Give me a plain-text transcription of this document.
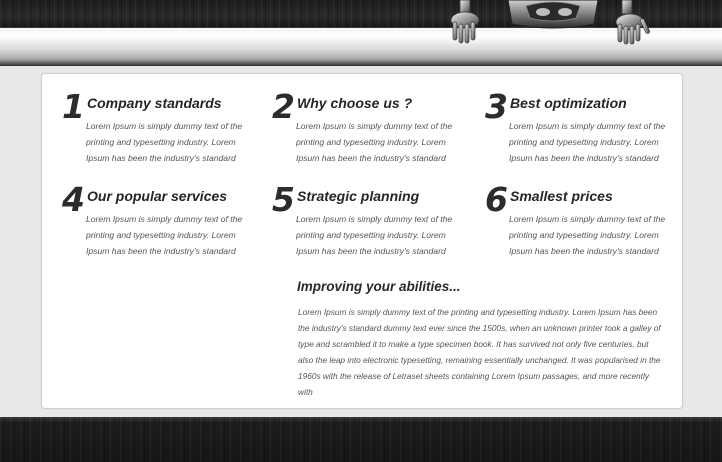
1 Company standards

Lorem Ipsum is simply dummy text of the printing and typesetting industry. Lorem Ipsum has been the industry's standard

2 Why choose us ?

Lorem Ipsum is simply dummy text of the printing and typesetting industry. Lorem Ipsum has been the industry's standard

3 Best optimization

Lorem Ipsum is simply dummy text of the printing and typesetting industry. Lorem Ipsum has been the industry's standard

4 Our popular services

Lorem Ipsum is simply dummy text of the printing and typesetting industry. Lorem Ipsum has been the industry's standard

5 Strategic planning

Lorem Ipsum is simply dummy text of the printing and typesetting industry. Lorem Ipsum has been the industry's standard

6 Smallest prices

Lorem Ipsum is simply dummy text of the printing and typesetting industry. Lorem Ipsum has been the industry's standard

Improving your abilities...

Lorem Ipsum is simply dummy text of the printing and typesetting industry. Lorem Ipsum has been the industry's standard dummy text ever since the 1500s, when an unknown printer took a galley of type and scrambled it to make a type specimen book. It has survived not only five centuries, but also the leap into electronic typesetting, remaining essentially unchanged. It was popularised in the 1960s with the release of Letraset sheets containing Lorem Ipsum passages, and more recently with
